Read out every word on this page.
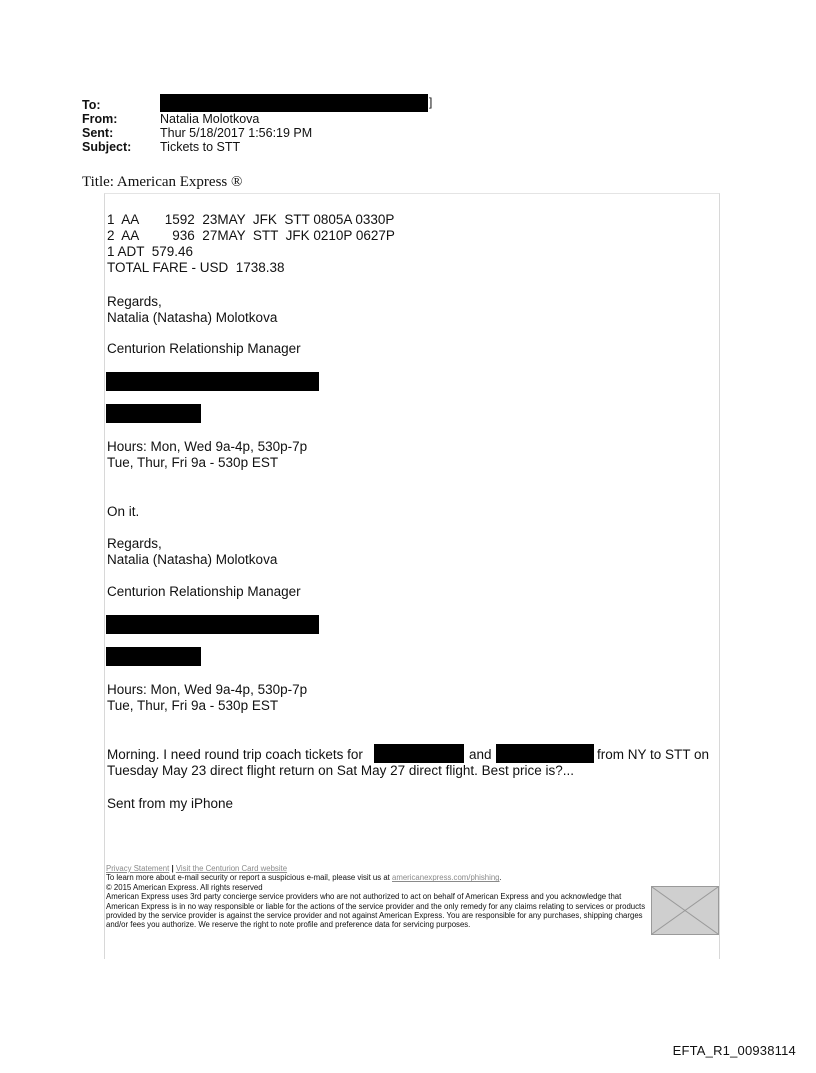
To:	]
From:	Natalia Molotkova
Sent:	Thur 5/18/2017 1:56:19 PM
Subject:	Tickets to STT
Title: American Express ®
1  AA       1592  23MAY  JFK  STT 0805A 0330P
2  AA         936  27MAY  STT  JFK 0210P 0627P
1 ADT  579.46
TOTAL FARE - USD  1738.38
Regards,
Natalia (Natasha) Molotkova
Centurion Relationship Manager
Hours: Mon, Wed 9a-4p, 530p-7p
Tue, Thur, Fri 9a - 530p EST
On it.
Regards,
Natalia (Natasha) Molotkova
Centurion Relationship Manager
Hours: Mon, Wed 9a-4p, 530p-7p
Tue, Thur, Fri 9a - 530p EST
Morning. I need round trip coach tickets for	and	from NY to STT on
Tuesday May 23 direct flight return on Sat May 27 direct flight. Best price is?...
Sent from my iPhone
Privacy Statement | Visit the Centurion Card website
To learn more about e-mail security or report a suspicious e-mail, please visit us at americanexpress.com/phishing.
© 2015 American Express. All rights reserved
American Express uses 3rd party concierge service providers who are not authorized to act on behalf of American Express and you acknowledge that American Express is in no way responsible or liable for the actions of the service provider and the only remedy for any claims relating to services or products provided by the service provider is against the service provider and not against American Express. You are responsible for any purchases, shipping charges and/or fees you authorize. We reserve the right to note profile and preference data for servicing purposes.
EFTA_R1_00938114
